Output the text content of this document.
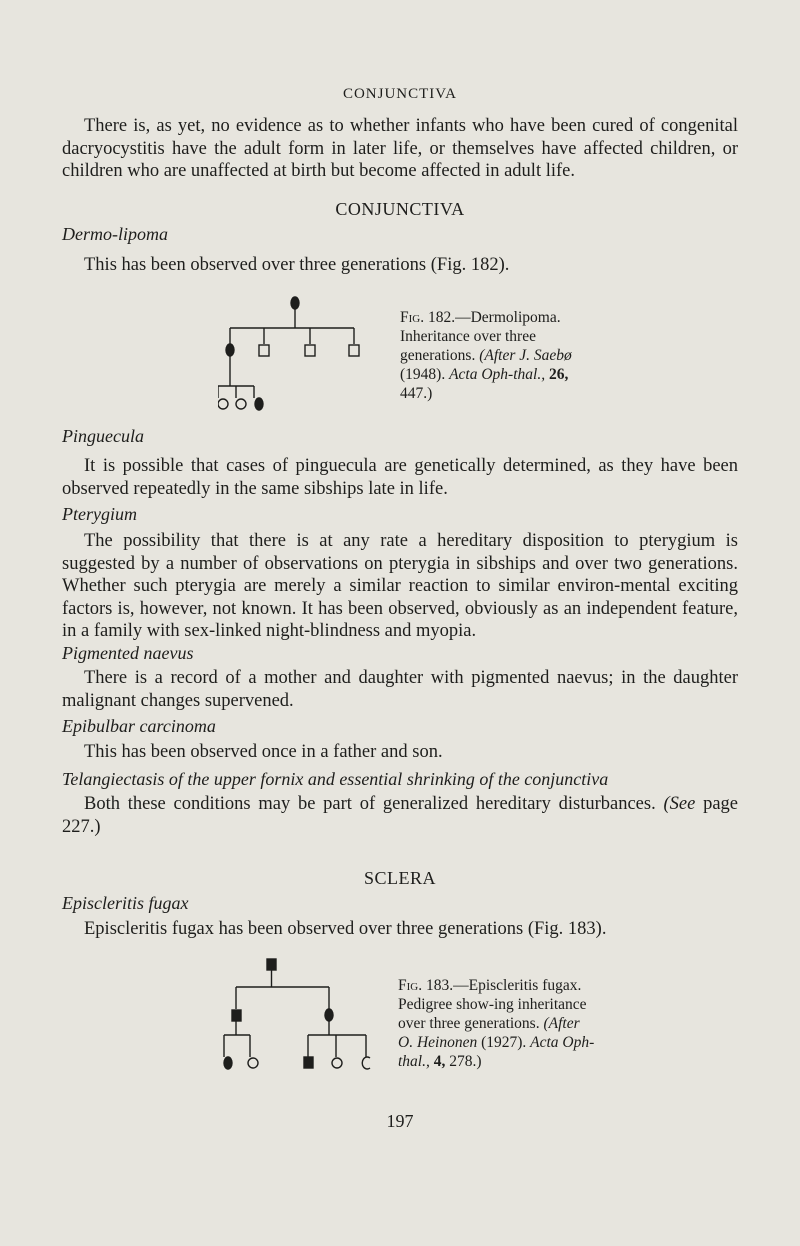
CONJUNCTIVA

There is, as yet, no evidence as to whether infants who have been cured of congenital dacryocystitis have the adult form in later life, or themselves have affected children, or children who are unaffected at birth but become affected in adult life.

CONJUNCTIVA
Dermo-lipoma

This has been observed over three generations (Fig. 182).

Fig. 182.—Dermolipoma. Inheritance over three generations. (After J. Saebø (1948). Acta Oph-thal., 26, 447.)
Pinguecula

It is possible that cases of pinguecula are genetically determined, as they have been observed repeatedly in the same sibships late in life.

Pterygium

The possibility that there is at any rate a hereditary disposition to pterygium is suggested by a number of observations on pterygia in sibships and over two generations. Whether such pterygia are merely a similar reaction to similar environ-mental exciting factors is, however, not known. It has been observed, obviously as an independent feature, in a family with sex-linked night-blindness and myopia.

Pigmented naevus

There is a record of a mother and daughter with pigmented naevus; in the daughter malignant changes supervened.

Epibulbar carcinoma

This has been observed once in a father and son.

Telangiectasis of the upper fornix and essential shrinking of the conjunctiva

Both these conditions may be part of generalized hereditary disturbances. (See page 227.)

SCLERA
Episcleritis fugax

Episcleritis fugax has been observed over three generations (Fig. 183).

Fig. 183.—Episcleritis fugax. Pedigree show-ing inheritance over three generations. (After O. Heinonen (1927). Acta Oph-thal., 4, 278.)
197
